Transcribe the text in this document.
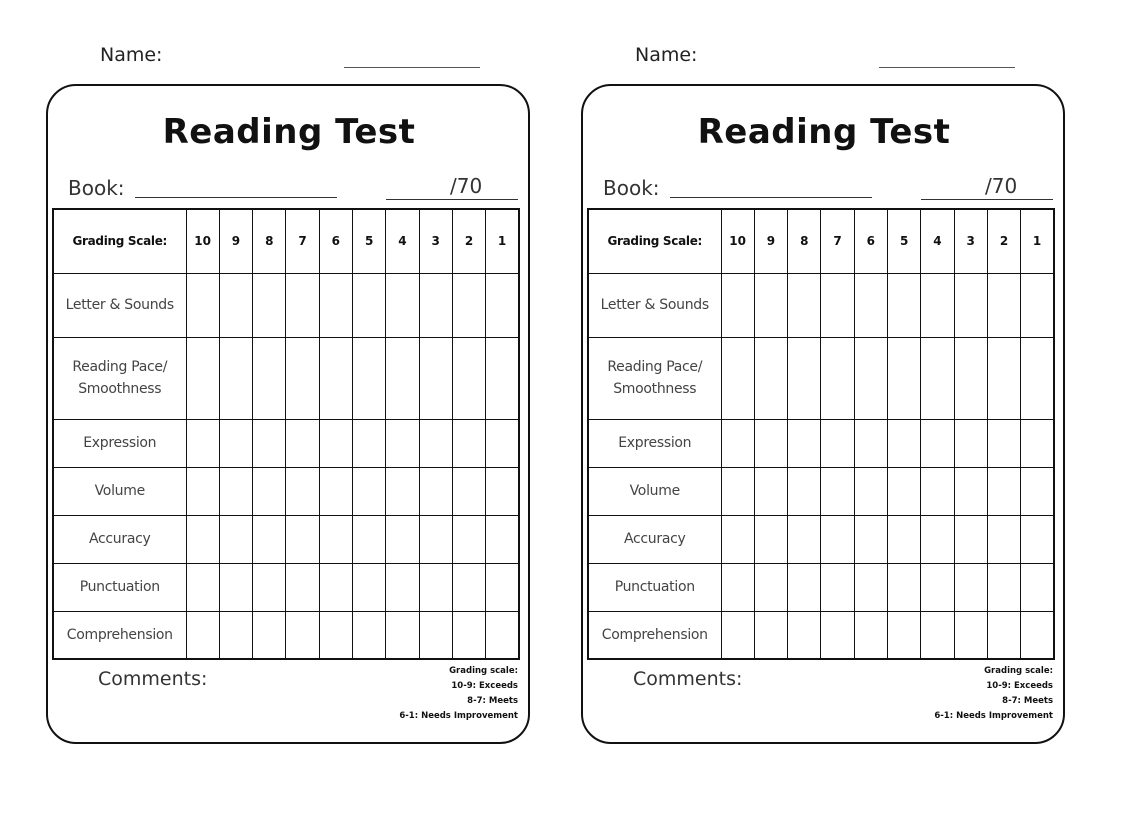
Name:
Reading Test
Book:	/70
Grading Scale:	10	9	8	7	6	5	4	3	2	1
Letter & Sounds										
Reading Pace/ Smoothness										
Expression										
Volume										
Accuracy										
Punctuation										
Comprehension										
Comments:	Grading scale:
10-9: Exceeds
8-7: Meets
6-1: Needs Improvement
Name:
Reading Test
Book:	/70
Grading Scale:	10	9	8	7	6	5	4	3	2	1
Letter & Sounds										
Reading Pace/ Smoothness										
Expression										
Volume										
Accuracy										
Punctuation										
Comprehension										
Comments:	Grading scale:
10-9: Exceeds
8-7: Meets
6-1: Needs Improvement
